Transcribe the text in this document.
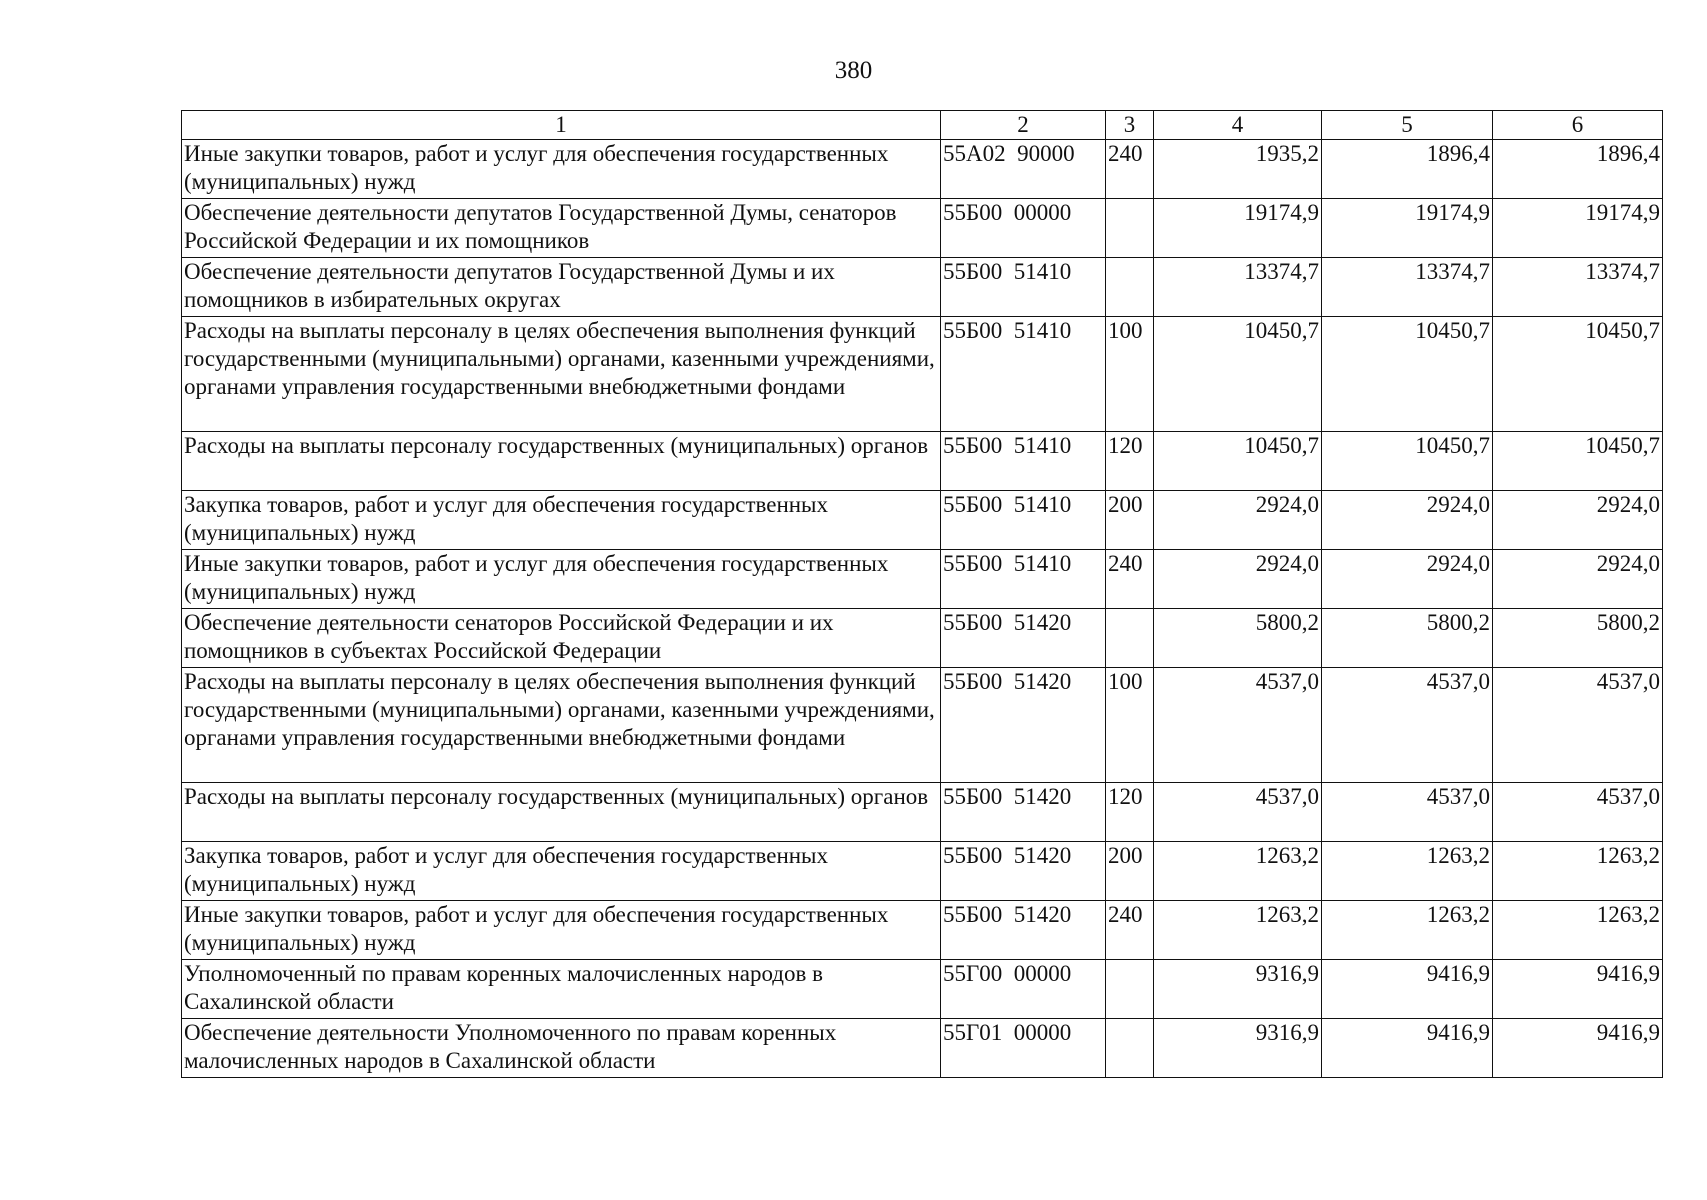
380
1	2	3	4	5	6
Иные закупки товаров, работ и услуг для обеспечения государственных (муниципальных) нужд	55А02  90000	240	1935,2	1896,4	1896,4
Обеспечение деятельности депутатов Государственной Думы, сенаторов Российской Федерации и их помощников	55Б00  00000		19174,9	19174,9	19174,9
Обеспечение деятельности депутатов Государственной Думы и их помощников в избирательных округах	55Б00  51410		13374,7	13374,7	13374,7
Расходы на выплаты персоналу в целях обеспечения выполнения функций государственными (муниципальными) органами, казенными учреждениями, органами управления государственными внебюджетными фондами	55Б00  51410	100	10450,7	10450,7	10450,7
Расходы на выплаты персоналу государственных (муниципальных) органов	55Б00  51410	120	10450,7	10450,7	10450,7
Закупка товаров, работ и услуг для обеспечения государственных (муниципальных) нужд	55Б00  51410	200	2924,0	2924,0	2924,0
Иные закупки товаров, работ и услуг для обеспечения государственных (муниципальных) нужд	55Б00  51410	240	2924,0	2924,0	2924,0
Обеспечение деятельности сенаторов Российской Федерации и их помощников в субъектах Российской Федерации	55Б00  51420		5800,2	5800,2	5800,2
Расходы на выплаты персоналу в целях обеспечения выполнения функций государственными (муниципальными) органами, казенными учреждениями, органами управления государственными внебюджетными фондами	55Б00  51420	100	4537,0	4537,0	4537,0
Расходы на выплаты персоналу государственных (муниципальных) органов	55Б00  51420	120	4537,0	4537,0	4537,0
Закупка товаров, работ и услуг для обеспечения государственных (муниципальных) нужд	55Б00  51420	200	1263,2	1263,2	1263,2
Иные закупки товаров, работ и услуг для обеспечения государственных (муниципальных) нужд	55Б00  51420	240	1263,2	1263,2	1263,2
Уполномоченный по правам коренных малочисленных народов в Сахалинской области	55Г00  00000		9316,9	9416,9	9416,9
Обеспечение деятельности Уполномоченного по правам коренных малочисленных народов в Сахалинской области	55Г01  00000		9316,9	9416,9	9416,9
